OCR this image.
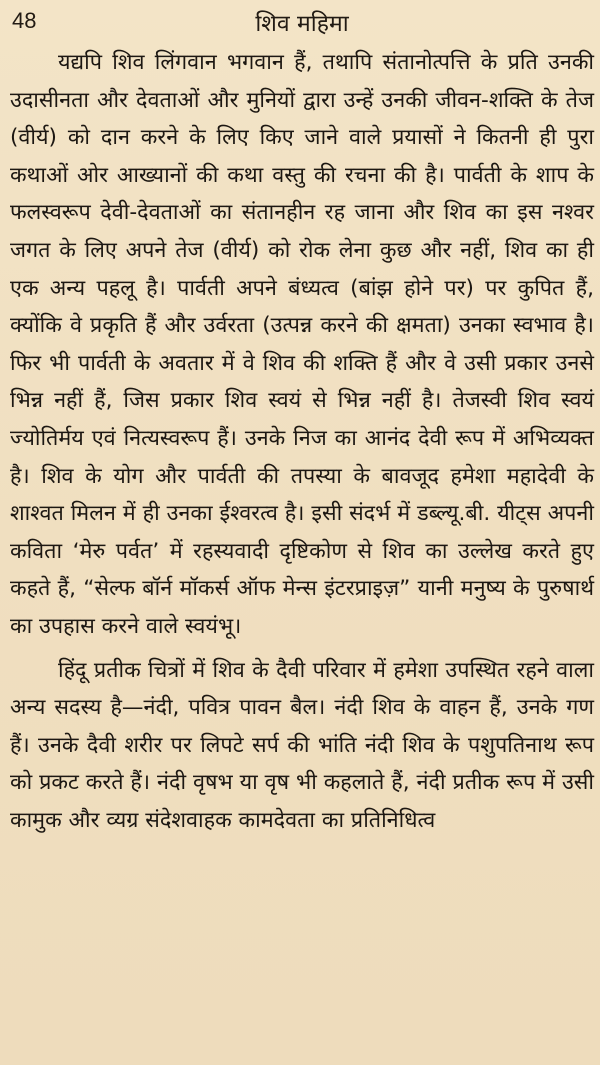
48	शिव महिमा

यद्यपि शिव लिंगवान भगवान हैं, तथापि संतानोत्पत्ति के प्रति उनकी उदासीनता और देवताओं और मुनियों द्वारा उन्हें उनकी जीवन-शक्ति के तेज (वीर्य) को दान करने के लिए किए जाने वाले प्रयासों ने कितनी ही पुरा कथाओं ओर आख्यानों की कथा वस्तु की रचना की है। पार्वती के शाप के फलस्वरूप देवी-देवताओं का संतानहीन रह जाना और शिव का इस नश्वर जगत के लिए अपने तेज (वीर्य) को रोक लेना कुछ और नहीं, शिव का ही एक अन्य पहलू है। पार्वती अपने बंध्यत्व (बांझ होने पर) पर कुपित हैं, क्योंकि वे प्रकृति हैं और उर्वरता (उत्पन्न करने की क्षमता) उनका स्वभाव है। फिर भी पार्वती के अवतार में वे शिव की शक्ति हैं और वे उसी प्रकार उनसे भिन्न नहीं हैं, जिस प्रकार शिव स्वयं से भिन्न नहीं है। तेजस्वी शिव स्वयं ज्योतिर्मय एवं नित्यस्वरूप हैं। उनके निज का आनंद देवी रूप में अभिव्यक्त है। शिव के योग और पार्वती की तपस्या के बावजूद हमेशा महादेवी के शाश्वत मिलन में ही उनका ईश्वरत्व है। इसी संदर्भ में डब्ल्यू.बी. यीट्स अपनी कविता ‘मेरु पर्वत’ में रहस्यवादी दृष्टिकोण से शिव का उल्लेख करते हुए कहते हैं, “सेल्फ बॉर्न मॉकर्स ऑफ मेन्स इंटरप्राइज़” यानी मनुष्य के पुरुषार्थ का उपहास करने वाले स्वयंभू।

हिंदू प्रतीक चित्रों में शिव के दैवी परिवार में हमेशा उपस्थित रहने वाला अन्य सदस्य है—नंदी, पवित्र पावन बैल। नंदी शिव के वाहन हैं, उनके गण हैं। उनके दैवी शरीर पर लिपटे सर्प की भांति नंदी शिव के पशुपतिनाथ रूप को प्रकट करते हैं। नंदी वृषभ या वृष भी कहलाते हैं, नंदी प्रतीक रूप में उसी कामुक और व्यग्र संदेशवाहक कामदेवता का प्रतिनिधित्व
